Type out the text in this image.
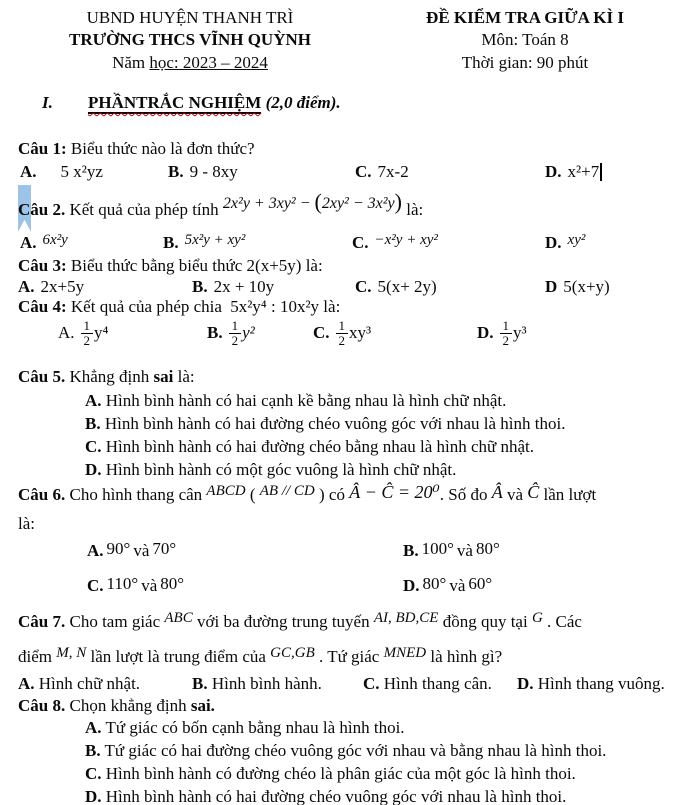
UBND HUYỆN THANH TRÌ
TRƯỜNG THCS VĨNH QUỲNH
Năm học: 2023 – 2024
ĐỀ KIỂM TRA GIỮA KÌ I
Môn: Toán 8
Thời gian: 90 phút
I. PHẦNTRẮC NGHIỆM (2,0 điểm).
Câu 1: Biểu thức nào là đơn thức?
A. 5 x²yz	B. 9 - 8xy	C. 7x-2	D. x²+7
Câu 2. Kết quả của phép tính 2x²y + 3xy² − (2xy² − 3x²y) là:
A. 6x²y	B. 5x²y + xy²	C. −x²y + xy²	D. xy²
Câu 3: Biểu thức bằng biểu thức 2(x+5y) là:
A. 2x+5y	B. 2x + 10y	C. 5(x+ 2y)	D 5(x+y)
Câu 4: Kết quả của phép chia 5x²y⁴ : 10x²y là:
A. $\frac{1}{2} y^4$	B. $\frac{1}{2} y^2$	C. $\frac{1}{2} xy^3$	D. $\frac{1}{2} y^3$
Câu 5. Khẳng định sai là:
A. Hình bình hành có hai cạnh kề bằng nhau là hình chữ nhật.
B. Hình bình hành có hai đường chéo vuông góc với nhau là hình thoi.
C. Hình bình hành có hai đường chéo bằng nhau là hình chữ nhật.
D. Hình bình hành có một góc vuông là hình chữ nhật.
Câu 6. Cho hình thang cân ABCD ( AB // CD ) có Â − Ĉ = 20⁰. Số đo Â và Ĉ lần lượt
là:
A. 90° và 70°	B. 100° và 80°
C. 110° và 80°	D. 80° và 60°
Câu 7. Cho tam giác ABC với ba đường trung tuyến AI, BD,CE đồng quy tại G . Các
điểm M, N lần lượt là trung điểm của GC,GB . Tứ giác MNED là hình gì?
A. Hình chữ nhật.	B. Hình bình hành. C. Hình thang cân. D. Hình thang vuông.
Câu 8. Chọn khẳng định sai.
A. Tứ giác có bốn cạnh bằng nhau là hình thoi.
B. Tứ giác có hai đường chéo vuông góc với nhau và bằng nhau là hình thoi.
C. Hình bình hành có đường chéo là phân giác của một góc là hình thoi.
D. Hình bình hành có hai đường chéo vuông góc với nhau là hình thoi.
